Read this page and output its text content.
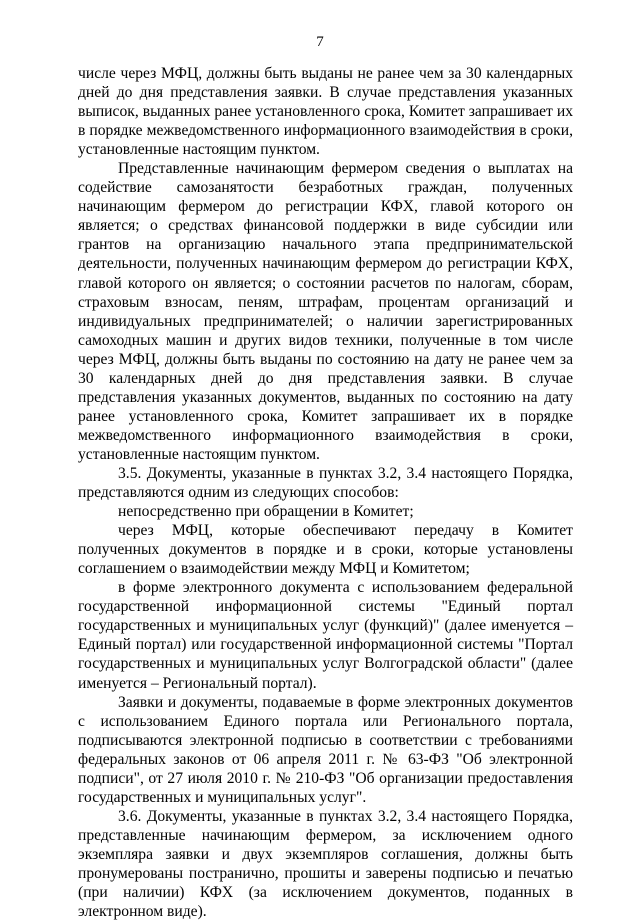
7

числе через МФЦ, должны быть выданы не ранее чем за 30 календарных дней до дня представления заявки. В случае представления указанных выписок, выданных ранее установленного срока, Комитет запрашивает их в порядке межведомственного информационного взаимодействия в сроки, установленные настоящим пунктом.

Представленные начинающим фермером сведения о выплатах на содействие самозанятости безработных граждан, полученных начинающим фермером до регистрации КФХ, главой которого он является; о средствах финансовой поддержки в виде субсидии или грантов на организацию начального этапа предпринимательской деятельности, полученных начинающим фермером до регистрации КФХ, главой которого он является; о состоянии расчетов по налогам, сборам, страховым взносам, пеням, штрафам, процентам организаций и индивидуальных предпринимателей; о наличии зарегистрированных самоходных машин и других видов техники, полученные в том числе через МФЦ, должны быть выданы по состоянию на дату не ранее чем за 30 календарных дней до дня представления заявки. В случае представления указанных документов, выданных по состоянию на дату ранее установленного срока, Комитет запрашивает их в порядке межведомственного информационного взаимодействия в сроки, установленные настоящим пунктом.

3.5. Документы, указанные в пунктах 3.2, 3.4 настоящего Порядка, представляются одним из следующих способов:

непосредственно при обращении в Комитет;

через МФЦ, которые обеспечивают передачу в Комитет полученных документов в порядке и в сроки, которые установлены соглашением о взаимодействии между МФЦ и Комитетом;

в форме электронного документа с использованием федеральной государственной информационной системы "Единый портал государственных и муниципальных услуг (функций)" (далее именуется – Единый портал) или государственной информационной системы "Портал государственных и муниципальных услуг Волгоградской области" (далее именуется – Региональный портал).

Заявки и документы, подаваемые в форме электронных документов с использованием Единого портала или Регионального портала, подписываются электронной подписью в соответствии с требованиями федеральных законов от 06 апреля 2011 г. № 63-ФЗ "Об электронной подписи", от 27 июля 2010 г. № 210-ФЗ "Об организации предоставления государственных и муниципальных услуг".

3.6. Документы, указанные в пунктах 3.2, 3.4 настоящего Порядка, представленные начинающим фермером, за исключением одного экземпляра заявки и двух экземпляров соглашения, должны быть пронумерованы постранично, прошиты и заверены подписью и печатью (при наличии) КФХ (за исключением документов, поданных в электронном виде).
